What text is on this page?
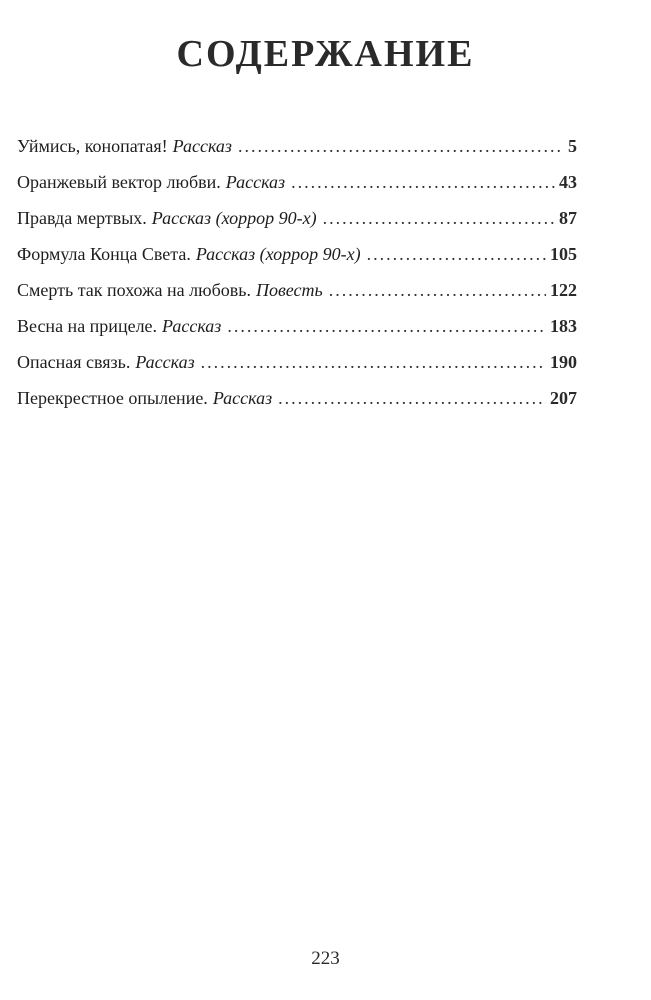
СОДЕРЖАНИЕ
Уймись, конопатая! Рассказ .....	5
Оранжевый вектор любви. Рассказ .....	43
Правда мертвых. Рассказ (хоррор 90-х) .....	87
Формула Конца Света. Рассказ (хоррор 90-х) .....	105
Смерть так похожа на любовь. Повесть .....	122
Весна на прицеле. Рассказ .....	183
Опасная связь. Рассказ .....	190
Перекрестное опыление. Рассказ .....	207
223
